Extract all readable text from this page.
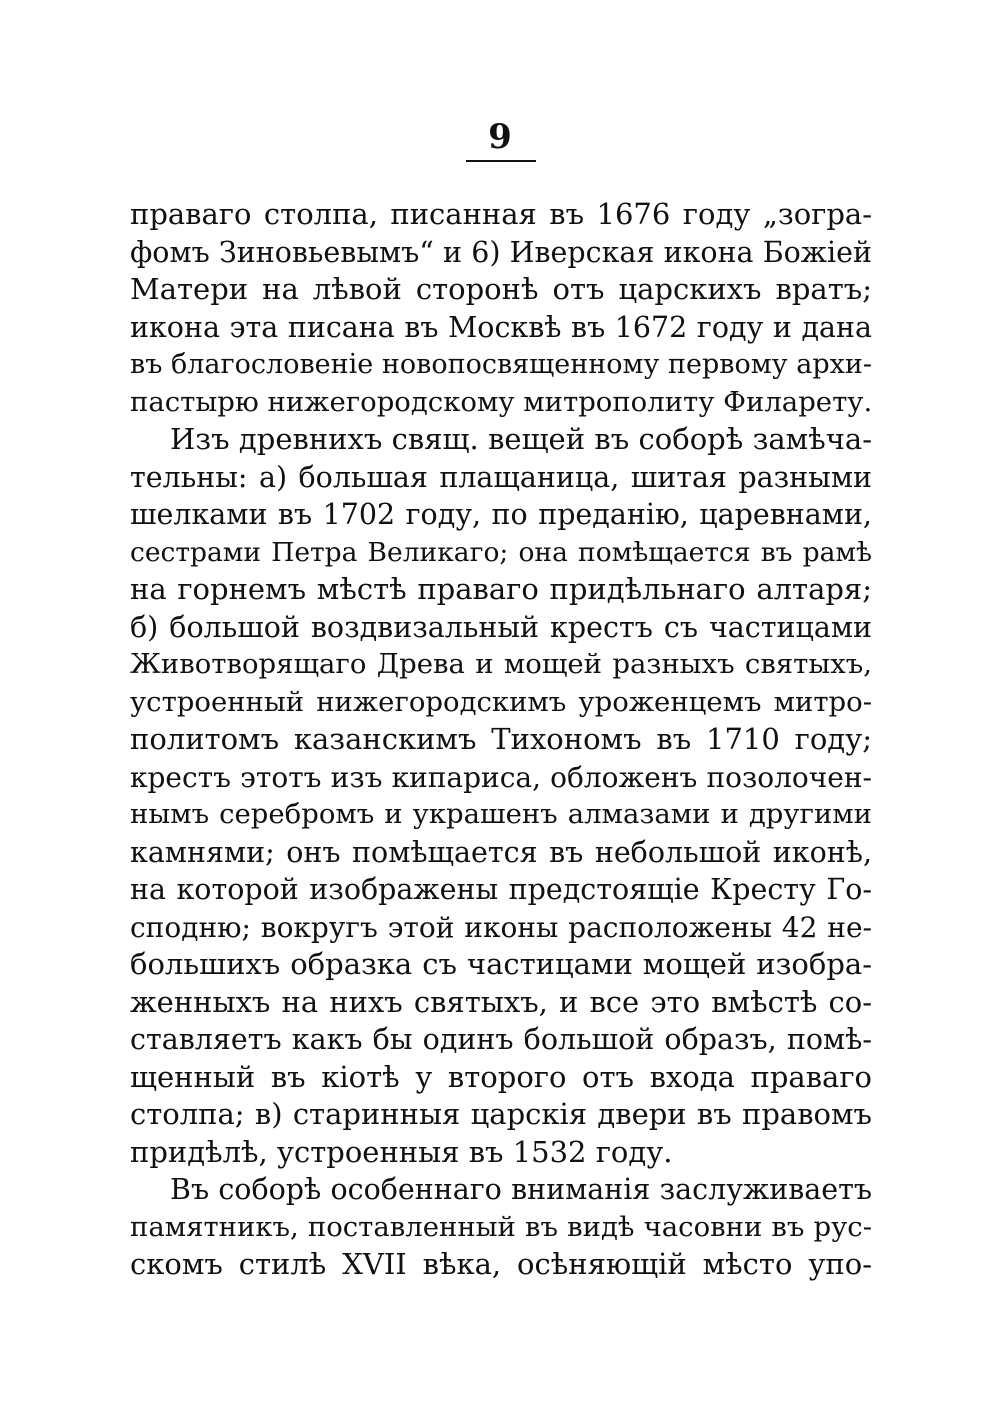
9
праваго столпа, писанная въ 1676 году „зогра-
фомъ Зиновьевымъ“ и 6) Иверская икона Божіей
Матери на лѣвой сторонѣ отъ царскихъ вратъ;
икона эта писана въ Москвѣ въ 1672 году и дана
въ благословеніе новопосвященному первому архи-
пастырю нижегородскому митрополиту Филарету.
Изъ древнихъ свящ. вещей въ соборѣ замѣча-
тельны: а) большая плащаница, шитая разными
шелками въ 1702 году, по преданію, царевнами,
сестрами Петра Великаго; она помѣщается въ рамѣ
на горнемъ мѣстѣ праваго придѣльнаго алтаря;
б) большой воздвизальный крестъ съ частицами
Животворящаго Древа и мощей разныхъ святыхъ,
устроенный нижегородскимъ уроженцемъ митро-
политомъ казанскимъ Тихономъ въ 1710 году;
крестъ этотъ изъ кипариса, обложенъ позолочен-
нымъ серебромъ и украшенъ алмазами и другими
камнями; онъ помѣщается въ небольшой иконѣ,
на которой изображены предстоящіе Кресту Го-
сподню; вокругъ этой иконы расположены 42 не-
большихъ образка съ частицами мощей изобра-
женныхъ на нихъ святыхъ, и все это вмѣстѣ со-
ставляетъ какъ бы одинъ большой образъ, помѣ-
щенный въ кіотѣ у второго отъ входа праваго
столпа; в) старинныя царскія двери въ правомъ
придѣлѣ, устроенныя въ 1532 году.
Въ соборѣ особеннаго вниманія заслуживаетъ
памятникъ, поставленный въ видѣ часовни въ рус-
скомъ стилѣ XVII вѣка, осѣняющій мѣсто упо-
